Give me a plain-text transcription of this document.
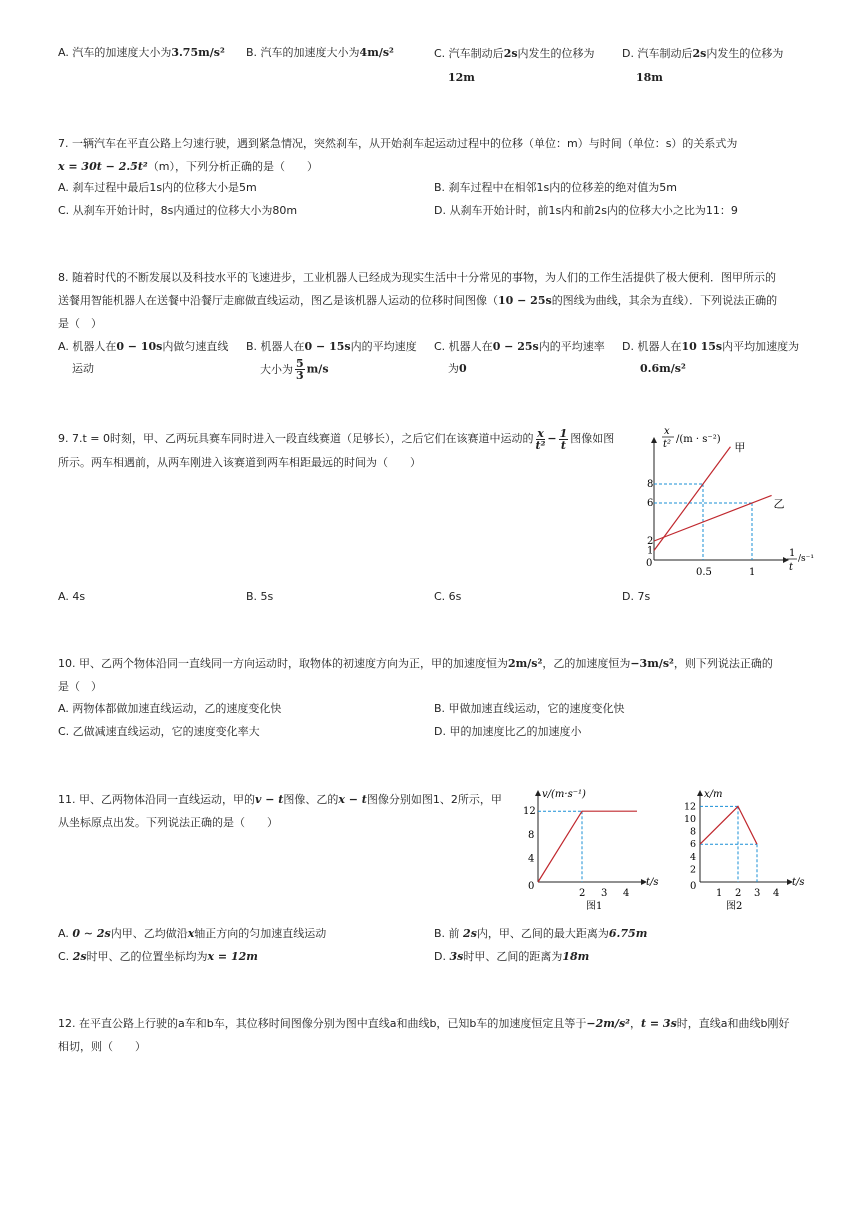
A. 汽车的加速度大小为3.75m/s² B. 汽车的加速度大小为4m/s²	C. 汽车制动后2s内发生的位移为
12m
D. 汽车制动后2s内发生的位移为
18m
7. 一辆汽车在平直公路上匀速行驶，遇到紧急情况，突然刹车，从开始刹车起运动过程中的位移（单位：m）与时间（单位：s）的关系式为
x = 30t − 2.5t²（m），下列分析正确的是（　　）
A. 刹车过程中最后1s内的位移大小是5m	B. 刹车过程中在相邻1s内的位移差的绝对值为5m
C. 从刹车开始计时，8s内通过的位移大小为80m	D. 从刹车开始计时，前1s内和前2s内的位移大小之比为11：9
8. 随着时代的不断发展以及科技水平的飞速进步，工业机器人已经成为现实生活中十分常见的事物，为人们的工作生活提供了极大便利．图甲所示的
送餐用智能机器人在送餐中沿餐厅走廊做直线运动，图乙是该机器人运动的位移时间图像（10 − 25s的图线为曲线，其余为直线）．下列说法正确的
是（　）
A. 机器人在0 − 10s内做匀速直线
运动
B. 机器人在0 − 15s内的平均速度
大小为 $\frac{5}{3} m/s$
C. 机器人在0 − 25s内的平均速率
为0
D. 机器人在10 15s内平均加速度为
0.6m/s²
9. 7.t = 0时刻，甲、乙两玩具赛车同时进入一段直线赛道（足够长），之后它们在该赛道中运动的 $\frac{x}{\text{t²}} - \frac{1}{t}$ 图像如图
所示。两车相遇前，从两车刚进入该赛道到两车相距最远的时间为（　　）
甲
乙
1
2
6
8
0.5	1
x
t² /(m · s⁻²)
1
t
/s⁻¹
0
A. 4s	B. 5s	C. 6s	D. 7s
10. 甲、乙两个物体沿同一直线同一方向运动时，取物体的初速度方向为正，甲的加速度恒为2m/s²，乙的加速度恒为−3m/s²，则下列说法正确的
是（　）
A. 两物体都做加速直线运动，乙的速度变化快	B. 甲做加速直线运动，它的速度变化快
C. 乙做减速直线运动，它的速度变化率大	D. 甲的加速度比乙的加速度小
11. 甲、乙两物体沿同一直线运动，甲的v − t图像、乙的x − t图像分别如图1、2所示，甲
从坐标原点出发。下列说法正确的是（　　）
4
8
12
2 3 4
v/(m·s⁻¹)
t/s
0
图1
2
4
6
8
10
12
1 2 3 4
x/m
t/s
0
图2
A. 0 ∼ 2s内甲、乙均做沿x轴正方向的匀加速直线运动	B. 前 2s内，甲、乙间的最大距离为6.75m
C. 2s时甲、乙的位置坐标均为x = 12m	D. 3s时甲、乙间的距离为18m
12. 在平直公路上行驶的a车和b车，其位移时间图像分别为图中直线a和曲线b，已知b车的加速度恒定且等于−2m/s²，t = 3s时，直线a和曲线b刚好
相切，则（　　）
